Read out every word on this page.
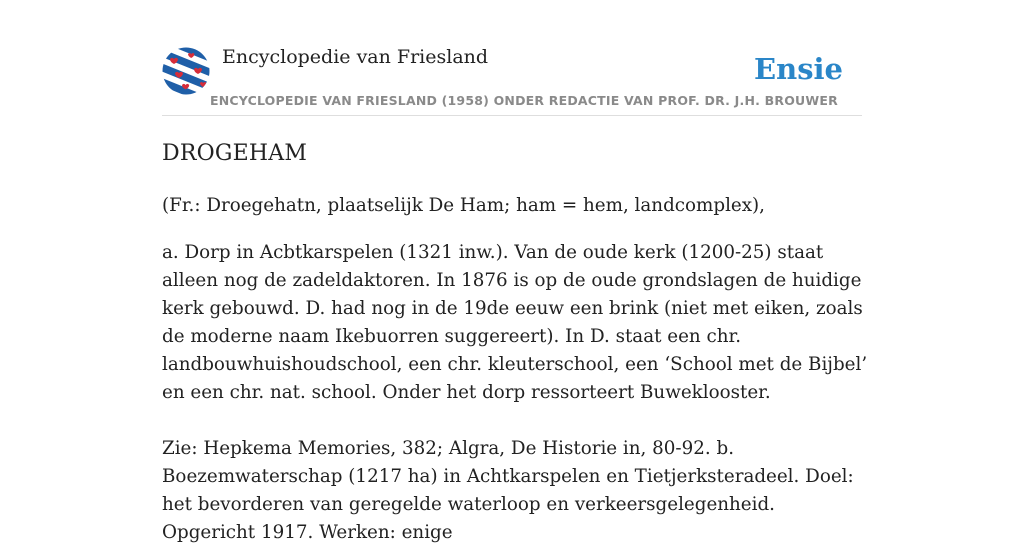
Encyclopedie van Friesland
ENCYCLOPEDIE VAN FRIESLAND (1958) ONDER REDACTIE VAN PROF. DR. J.H. BROUWER
Ensie
DROGEHAM

(Fr.: Droegehatn, plaatselijk De Ham; ham = hem, landcomplex),

a. Dorp in Acbtkarspelen (1321 inw.). Van de oude kerk (1200-25) staat alleen nog de zadeldaktoren. In 1876 is op de oude grondslagen de huidige kerk gebouwd. D. had nog in de 19de eeuw een brink (niet met eiken, zoals de moderne naam Ikebuorren suggereert). In D. staat een chr. landbouwhuishoudschool, een chr. kleuterschool, een ‘School met de Bijbel’ en een chr. nat. school. Onder het dorp ressorteert Buweklooster.

Zie: Hepkema Memories, 382; Algra, De Historie in, 80-92. b. Boezemwaterschap (1217 ha) in Achtkarspelen en Tietjerksteradeel. Doel: het bevorderen van geregelde waterloop en verkeersgelegenheid. Opgericht 1917. Werken: enige
